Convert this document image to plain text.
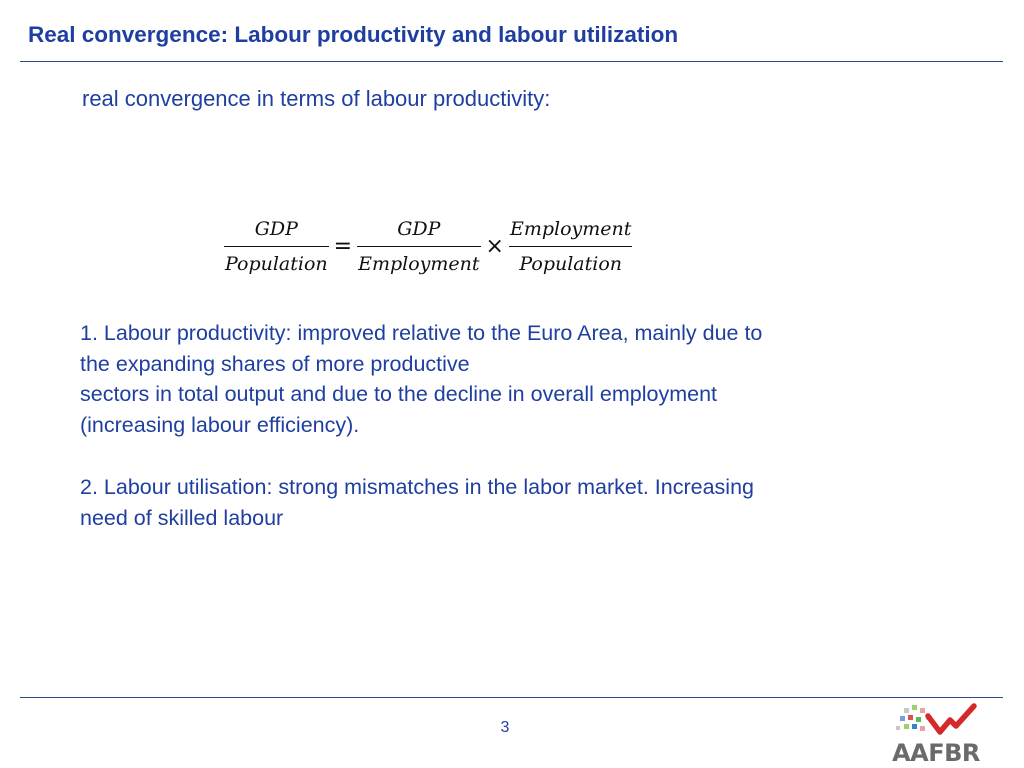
Real convergence: Labour productivity and labour utilization
real convergence in terms of labour productivity:
$\frac{\text{GDP}}{\text{Population}} = \frac{\text{GDP}}{\text{Employment}} \times \frac{\text{Employment}}{\text{Population}}$
1. Labour productivity: improved relative to the Euro Area, mainly due to
the expanding shares of more productive
sectors in total output and due to the decline in overall employment
(increasing labour efficiency).
2. Labour utilisation: strong mismatches in the labor market. Increasing
need of skilled labour
3
AAFBR
